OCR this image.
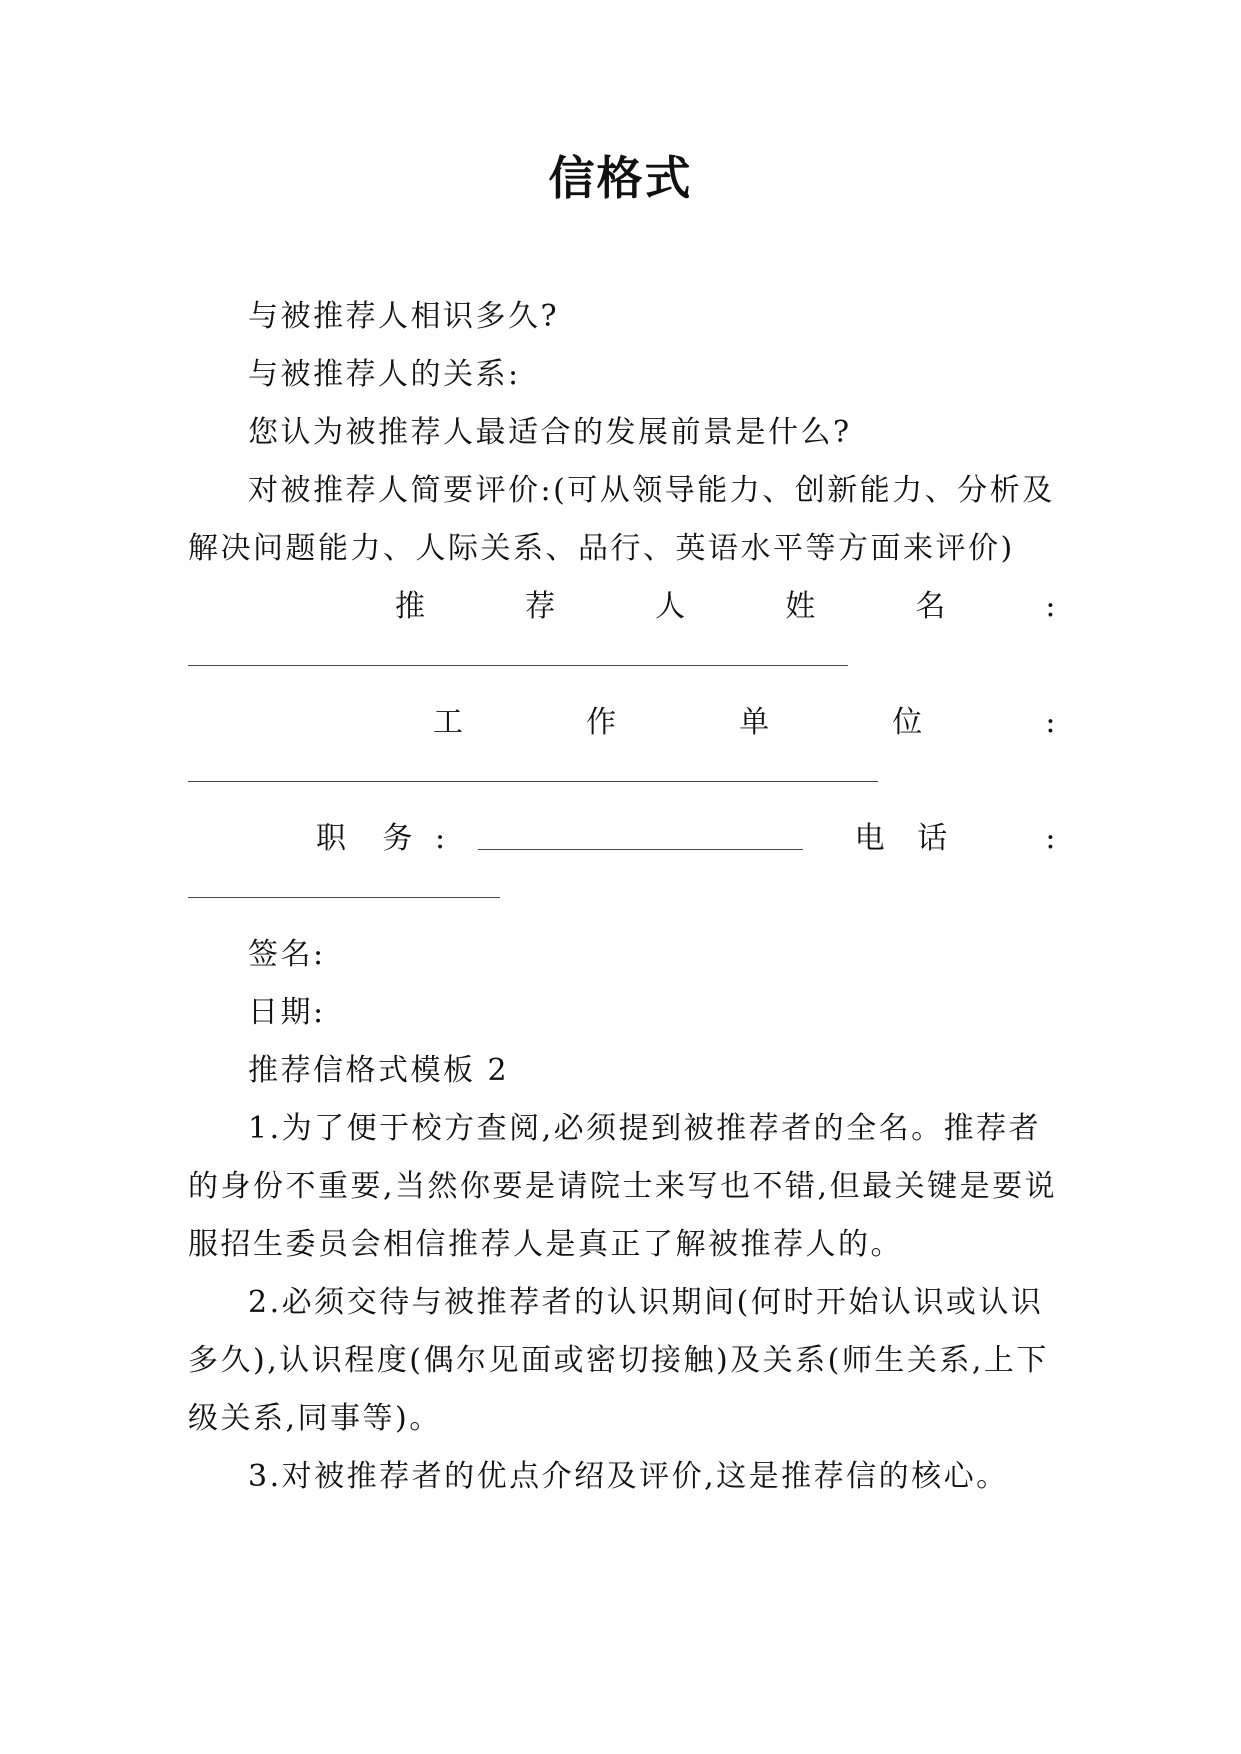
信格式

与被推荐人相识多久?

与被推荐人的关系:

您认为被推荐人最适合的发展前景是什么?

对被推荐人简要评价:(可从领导能力、创新能力、分析及解决问题能力、人际关系、品行、英语水平等方面来评价)

推	荐	人	姓	名	:
工	作	单	位	:
职 务 :	电 话	:

签名:

日期:

推荐信格式模板 2

1.为了便于校方查阅,必须提到被推荐者的全名。推荐者的身份不重要,当然你要是请院士来写也不错,但最关键是要说服招生委员会相信推荐人是真正了解被推荐人的。

2.必须交待与被推荐者的认识期间(何时开始认识或认识多久),认识程度(偶尔见面或密切接触)及关系(师生关系,上下级关系,同事等)。

3.对被推荐者的优点介绍及评价,这是推荐信的核心。
